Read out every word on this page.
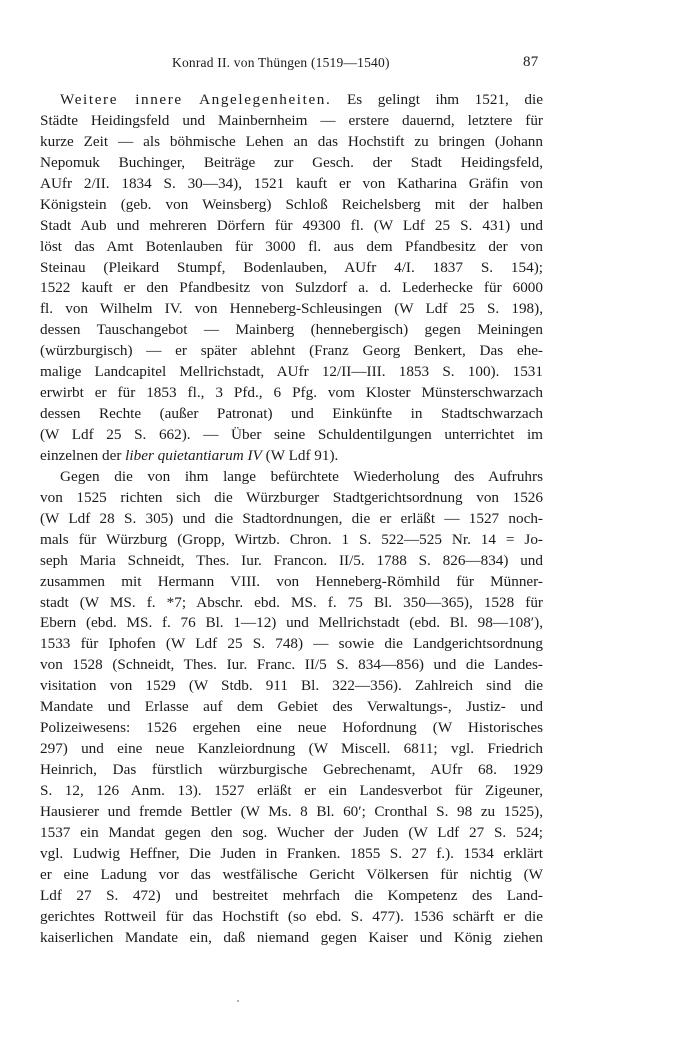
Konrad II. von Thüngen (1519—1540)	87
Weitere innere Angelegenheiten. Es gelingt ihm 1521, die
Städte Heidingsfeld und Mainbernheim — erstere dauernd, letztere für
kurze Zeit — als böhmische Lehen an das Hochstift zu bringen (Johann
Nepomuk Buchinger, Beiträge zur Gesch. der Stadt Heidingsfeld,
AUfr 2/II. 1834 S. 30—34), 1521 kauft er von Katharina Gräfin von
Königstein (geb. von Weinsberg) Schloß Reichelsberg mit der halben
Stadt Aub und mehreren Dörfern für 49300 fl. (W Ldf 25 S. 431) und
löst das Amt Botenlauben für 3000 fl. aus dem Pfandbesitz der von
Steinau (Pleikard Stumpf, Bodenlauben, AUfr 4/I. 1837 S. 154);
1522 kauft er den Pfandbesitz von Sulzdorf a. d. Lederhecke für 6000
fl. von Wilhelm IV. von Henneberg-Schleusingen (W Ldf 25 S. 198),
dessen Tauschangebot — Mainberg (hennebergisch) gegen Meiningen
(würzburgisch) — er später ablehnt (Franz Georg Benkert, Das ehe-
malige Landcapitel Mellrichstadt, AUfr 12/II—III. 1853 S. 100). 1531
erwirbt er für 1853 fl., 3 Pfd., 6 Pfg. vom Kloster Münsterschwarzach
dessen Rechte (außer Patronat) und Einkünfte in Stadtschwarzach
(W Ldf 25 S. 662). — Über seine Schuldentilgungen unterrichtet im
einzelnen der liber quietantiarum IV (W Ldf 91).
Gegen die von ihm lange befürchtete Wiederholung des Aufruhrs
von 1525 richten sich die Würzburger Stadtgerichtsordnung von 1526
(W Ldf 28 S. 305) und die Stadtordnungen, die er erläßt — 1527 noch-
mals für Würzburg (Gropp, Wirtzb. Chron. 1 S. 522—525 Nr. 14 = Jo-
seph Maria Schneidt, Thes. Iur. Francon. II/5. 1788 S. 826—834) und
zusammen mit Hermann VIII. von Henneberg-Römhild für Münner-
stadt (W MS. f. *7; Abschr. ebd. MS. f. 75 Bl. 350—365), 1528 für
Ebern (ebd. MS. f. 76 Bl. 1—12) und Mellrichstadt (ebd. Bl. 98—108′),
1533 für Iphofen (W Ldf 25 S. 748) — sowie die Landgerichtsordnung
von 1528 (Schneidt, Thes. Iur. Franc. II/5 S. 834—856) und die Landes-
visitation von 1529 (W Stdb. 911 Bl. 322—356). Zahlreich sind die
Mandate und Erlasse auf dem Gebiet des Verwaltungs-, Justiz- und
Polizeiwesens: 1526 ergehen eine neue Hofordnung (W Historisches
297) und eine neue Kanzleiordnung (W Miscell. 6811; vgl. Friedrich
Heinrich, Das fürstlich würzburgische Gebrechenamt, AUfr 68. 1929
S. 12, 126 Anm. 13). 1527 erläßt er ein Landesverbot für Zigeuner,
Hausierer und fremde Bettler (W Ms. 8 Bl. 60′; Cronthal S. 98 zu 1525),
1537 ein Mandat gegen den sog. Wucher der Juden (W Ldf 27 S. 524;
vgl. Ludwig Heffner, Die Juden in Franken. 1855 S. 27 f.). 1534 erklärt
er eine Ladung vor das westfälische Gericht Völkersen für nichtig (W
Ldf 27 S. 472) und bestreitet mehrfach die Kompetenz des Land-
gerichtes Rottweil für das Hochstift (so ebd. S. 477). 1536 schärft er die
kaiserlichen Mandate ein, daß niemand gegen Kaiser und König ziehen
